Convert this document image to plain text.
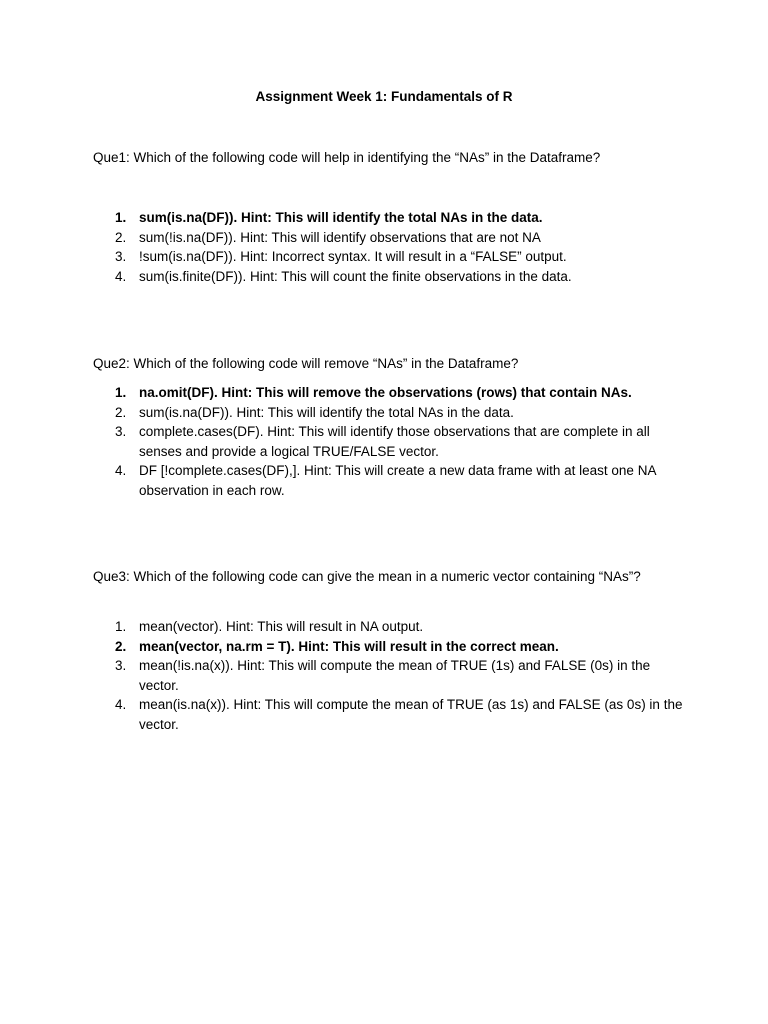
Assignment Week 1: Fundamentals of R
Que1: Which of the following code will help in identifying the “NAs” in the Dataframe?
1. sum(is.na(DF)). Hint: This will identify the total NAs in the data.
2. sum(!is.na(DF)). Hint: This will identify observations that are not NA
3. !sum(is.na(DF)). Hint: Incorrect syntax. It will result in a “FALSE” output.
4. sum(is.finite(DF)). Hint: This will count the finite observations in the data.
Que2: Which of the following code will remove “NAs” in the Dataframe?
1. na.omit(DF). Hint: This will remove the observations (rows) that contain NAs.
2. sum(is.na(DF)). Hint: This will identify the total NAs in the data.
3. complete.cases(DF). Hint: This will identify those observations that are complete in all senses and provide a logical TRUE/FALSE vector.
4. DF [!complete.cases(DF),]. Hint: This will create a new data frame with at least one NA observation in each row.
Que3: Which of the following code can give the mean in a numeric vector containing “NAs”?
1. mean(vector). Hint: This will result in NA output.
2. mean(vector, na.rm = T). Hint: This will result in the correct mean.
3. mean(!is.na(x)). Hint: This will compute the mean of TRUE (1s) and FALSE (0s) in the vector.
4. mean(is.na(x)). Hint: This will compute the mean of TRUE (as 1s) and FALSE (as 0s) in the vector.
